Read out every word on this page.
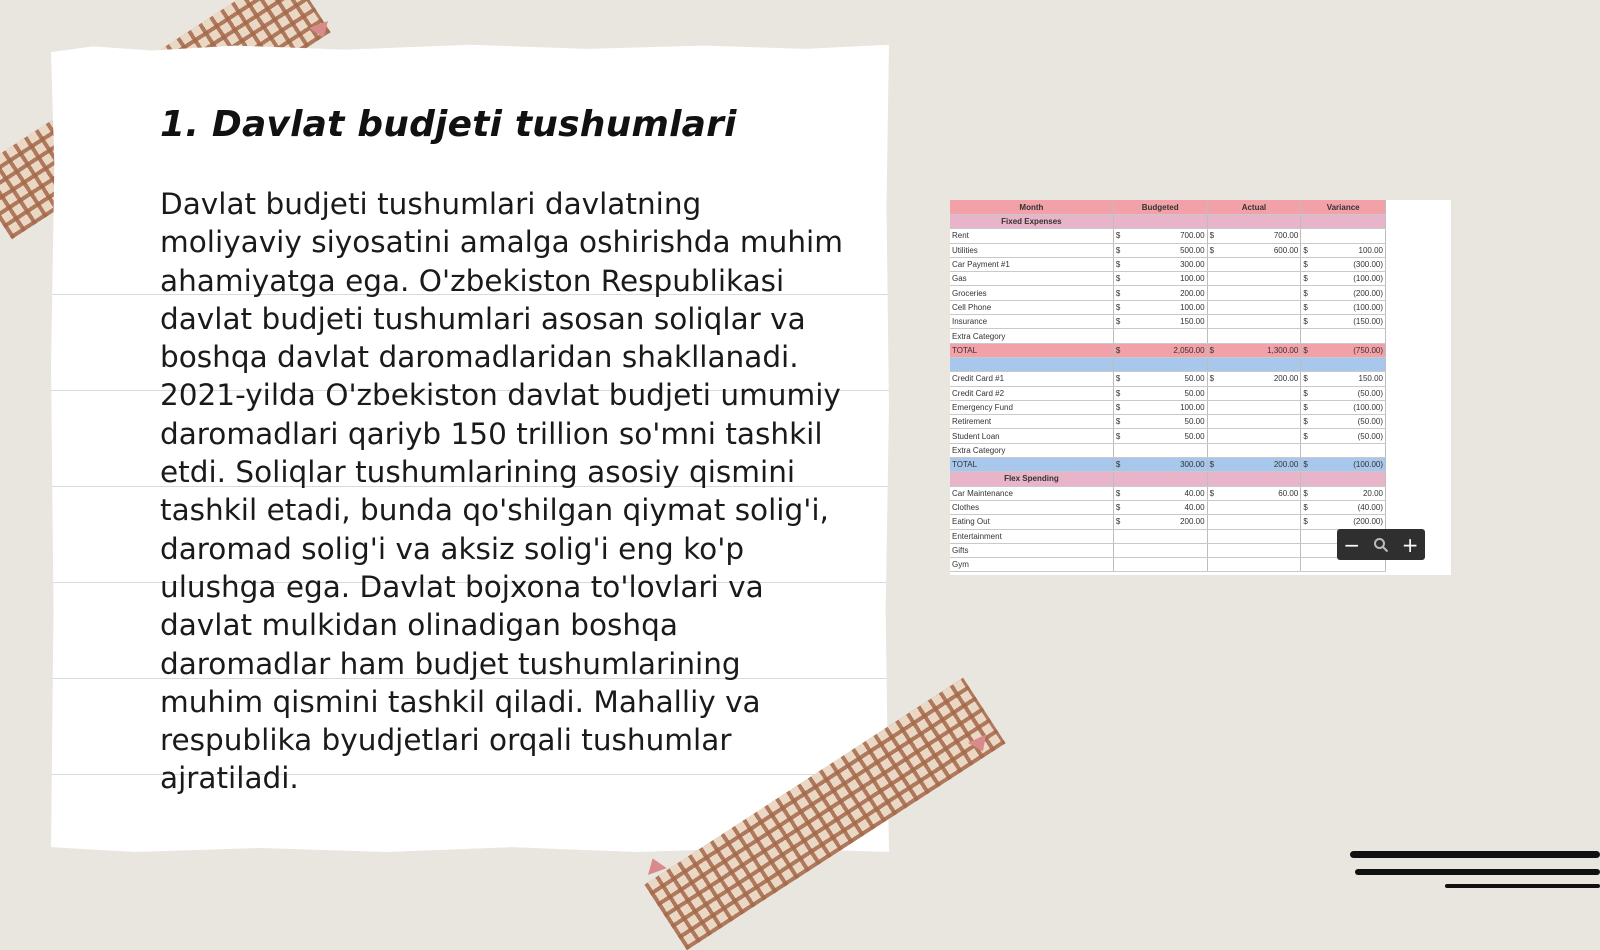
1. Davlat budjeti tushumlari

Davlat budjeti tushumlari davlatning moliyaviy siyosatini amalga oshirishda muhim ahamiyatga ega. O'zbekiston Respublikasi davlat budjeti tushumlari asosan soliqlar va boshqa davlat daromadlaridan shakllanadi. 2021-yilda O'zbekiston davlat budjeti umumiy daromadlari qariyb 150 trillion so'mni tashkil etdi. Soliqlar tushumlarining asosiy qismini tashkil etadi, bunda qo'shilgan qiymat solig'i, daromad solig'i va aksiz solig'i eng ko'p ulushga ega. Davlat bojxona to'lovlari va davlat mulkidan olinadigan boshqa daromadlar ham budjet tushumlarining muhim qismini tashkil qiladi. Mahalliy va respublika byudjetlari orqali tushumlar ajratiladi.

Month	Budgeted	Actual	Variance
Fixed Expenses			
Rent	$ 700.00	$ 700.00	

Utilities	$ 500.00	$ 600.00	$ 100.00

Car Payment #1	$ 300.00		$ (300.00)

Gas	$ 100.00		$ (100.00)

Groceries	$ 200.00		$ (200.00)

Cell Phone	$ 100.00		$ (100.00)

Insurance	$ 150.00		$ (150.00)

Extra Category			
TOTAL	$ 2,050.00	$ 1,300.00	$ (750.00)

Credit Card #1	$ 50.00	$ 200.00	$ 150.00

Credit Card #2	$ 50.00		$ (50.00)

Emergency Fund	$ 100.00		$ (100.00)

Retirement	$ 50.00		$ (50.00)

Student Loan	$ 50.00		$ (50.00)

Extra Category			
TOTAL	$ 300.00	$ 200.00	$ (100.00)

Flex Spending			
Car Maintenance	$ 40.00	$ 60.00	$ 20.00

Clothes	$ 40.00		$ (40.00)

Eating Out	$ 200.00		$ (200.00)

Entertainment			
Gifts			
Gym			
− +
